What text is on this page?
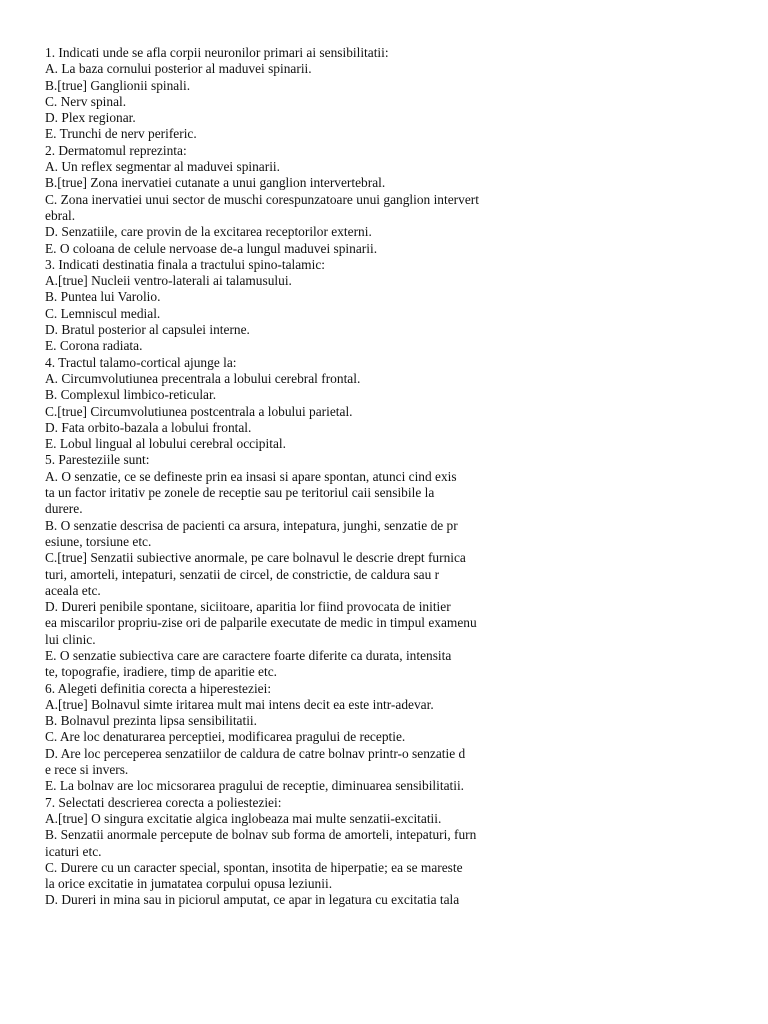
1. Indicati unde se afla corpii neuronilor primari ai sensibilitatii:
A. La baza cornului posterior al maduvei spinarii.
B.[true] Ganglionii spinali.
C. Nerv spinal.
D. Plex regionar.
E. Trunchi de nerv periferic.
2. Dermatomul reprezinta:
A. Un reflex segmentar al maduvei spinarii.
B.[true] Zona inervatiei cutanate a unui ganglion intervertebral.
C. Zona inervatiei unui sector de muschi corespunzatoare unui ganglion intervert
ebral.
D. Senzatiile, care provin de la excitarea receptorilor externi.
E. O coloana de celule nervoase de-a lungul maduvei spinarii.
3. Indicati destinatia finala a tractului spino-talamic:
A.[true] Nucleii ventro-laterali ai talamusului.
B. Puntea lui Varolio.
C. Lemniscul medial.
D. Bratul posterior al capsulei interne.
E. Corona radiata.
4. Tractul talamo-cortical ajunge la:
A. Circumvolutiunea precentrala a lobului cerebral frontal.
B. Complexul limbico-reticular.
C.[true] Circumvolutiunea postcentrala a lobului parietal.
D. Fata orbito-bazala a lobului frontal.
E. Lobul lingual al lobului cerebral occipital.
5. Paresteziile sunt:
A. O senzatie, ce se defineste prin ea insasi si apare spontan, atunci cind exis
ta un factor iritativ pe zonele de receptie sau pe teritoriul caii sensibile la
durere.
B. O senzatie descrisa de pacienti ca arsura, intepatura, junghi, senzatie de pr
esiune, torsiune etc.
C.[true] Senzatii subiective anormale, pe care bolnavul le descrie drept furnica
turi, amorteli, intepaturi, senzatii de circel, de constrictie, de caldura sau r
aceala etc.
D. Dureri penibile spontane, siciitoare, aparitia lor fiind provocata de initier
ea miscarilor propriu-zise ori de palparile executate de medic in timpul examenu
lui clinic.
E. O senzatie subiectiva care are caractere foarte diferite ca durata, intensita
te, topografie, iradiere, timp de aparitie etc.
6. Alegeti definitia corecta a hiperesteziei:
A.[true] Bolnavul simte iritarea mult mai intens decit ea este intr-adevar.
B. Bolnavul prezinta lipsa sensibilitatii.
C. Are loc denaturarea perceptiei, modificarea pragului de receptie.
D. Are loc perceperea senzatiilor de caldura de catre bolnav printr-o senzatie d
e rece si invers.
E. La bolnav are loc micsorarea pragului de receptie, diminuarea sensibilitatii.
7. Selectati descrierea corecta a poliesteziei:
A.[true] O singura excitatie algica inglobeaza mai multe senzatii-excitatii.
B. Senzatii anormale percepute de bolnav sub forma de amorteli, intepaturi, furn
icaturi etc.
C. Durere cu un caracter special, spontan, insotita de hiperpatie; ea se mareste
la orice excitatie in jumatatea corpului opusa leziunii.
D. Dureri in mina sau in piciorul amputat, ce apar in legatura cu excitatia tala
